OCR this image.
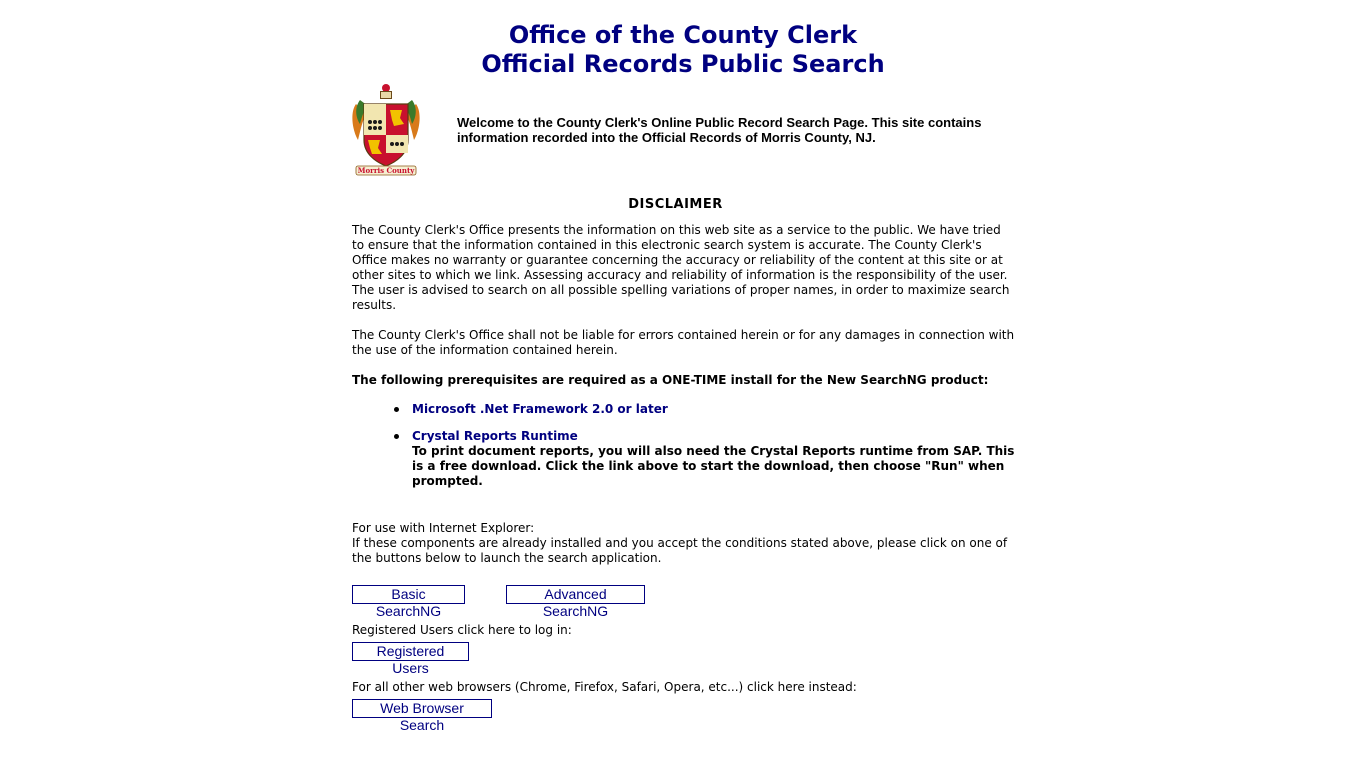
Office of the County Clerk
Official Records Public Search
Morris County
Welcome to the County Clerk's Online Public Record Search Page. This site contains information recorded into the Official Records of Morris County, NJ.
DISCLAIMER
The County Clerk's Office presents the information on this web site as a service to the public. We have tried to ensure that the information contained in this electronic search system is accurate. The County Clerk's Office makes no warranty or guarantee concerning the accuracy or reliability of the content at this site or at other sites to which we link. Assessing accuracy and reliability of information is the responsibility of the user. The user is advised to search on all possible spelling variations of proper names, in order to maximize search results.
The County Clerk's Office shall not be liable for errors contained herein or for any damages in connection with the use of the information contained herein.
The following prerequisites are required as a ONE-TIME install for the New SearchNG product:
Microsoft .Net Framework 2.0 or later
Crystal Reports Runtime
To print document reports, you will also need the Crystal Reports runtime from SAP. This is a free download. Click the link above to start the download, then choose "Run" when prompted.
For use with Internet Explorer:
If these components are already installed and you accept the conditions stated above, please click on one of the buttons below to launch the search application.
Basic SearchNG
Advanced SearchNG
Registered Users click here to log in:
Registered Users
For all other web browsers (Chrome, Firefox, Safari, Opera, etc...) click here instead:
Web Browser Search
